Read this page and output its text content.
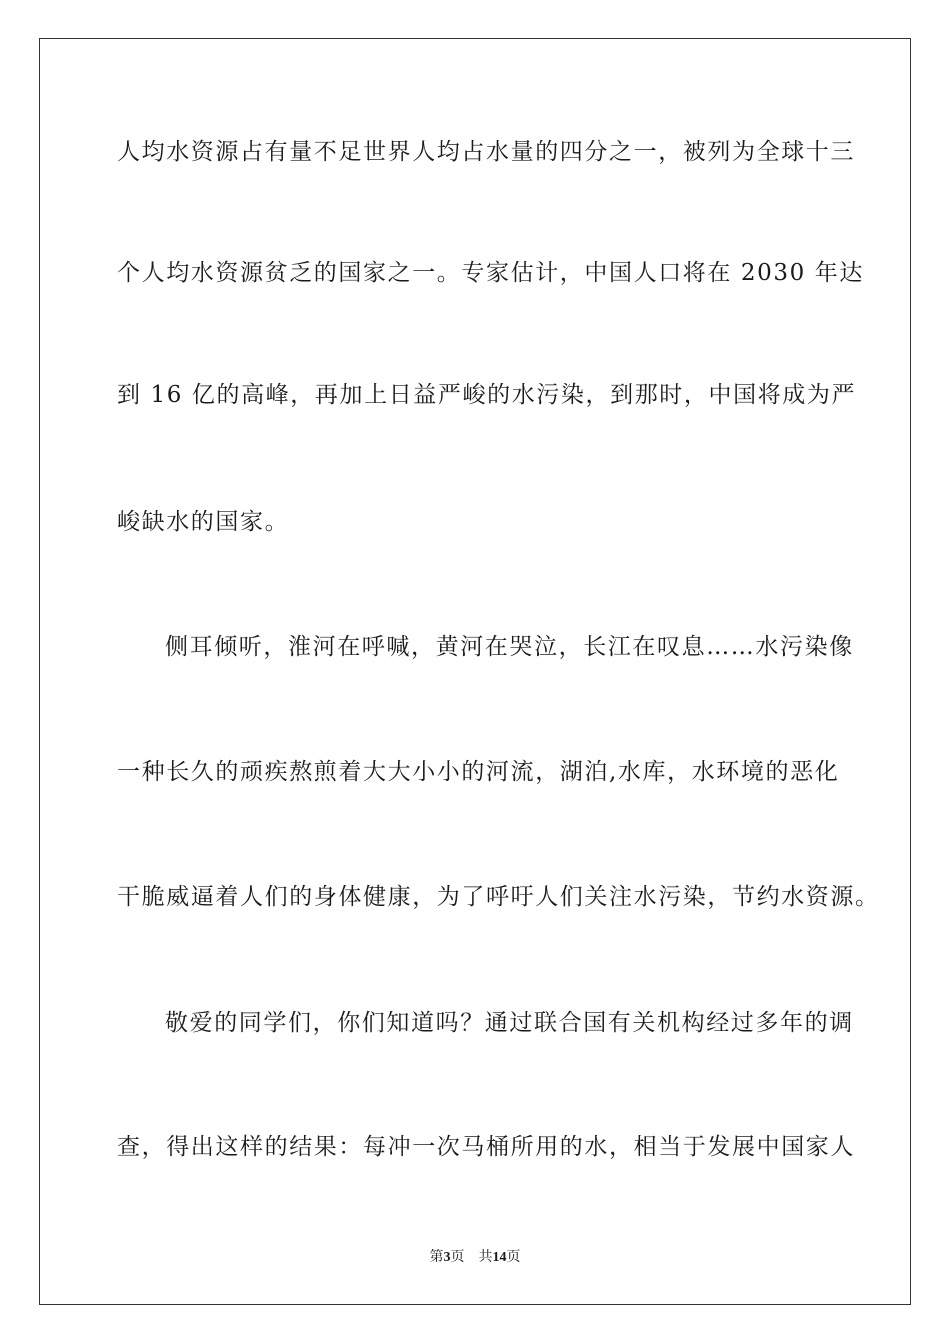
人均水资源占有量不足世界人均占水量的四分之一，被列为全球十三
个人均水资源贫乏的国家之一。专家估计，中国人口将在 2030 年达
到 16 亿的高峰，再加上日益严峻的水污染，到那时，中国将成为严
峻缺水的国家。
侧耳倾听，淮河在呼喊，黄河在哭泣，长江在叹息……水污染像
一种长久的顽疾熬煎着大大小小的河流，湖泊,水库，水环境的恶化
干脆威逼着人们的身体健康，为了呼吁人们关注水污染，节约水资源。
敬爱的同学们，你们知道吗？通过联合国有关机构经过多年的调
查，得出这样的结果：每冲一次马桶所用的水，相当于发展中国家人
第3页 共14页
